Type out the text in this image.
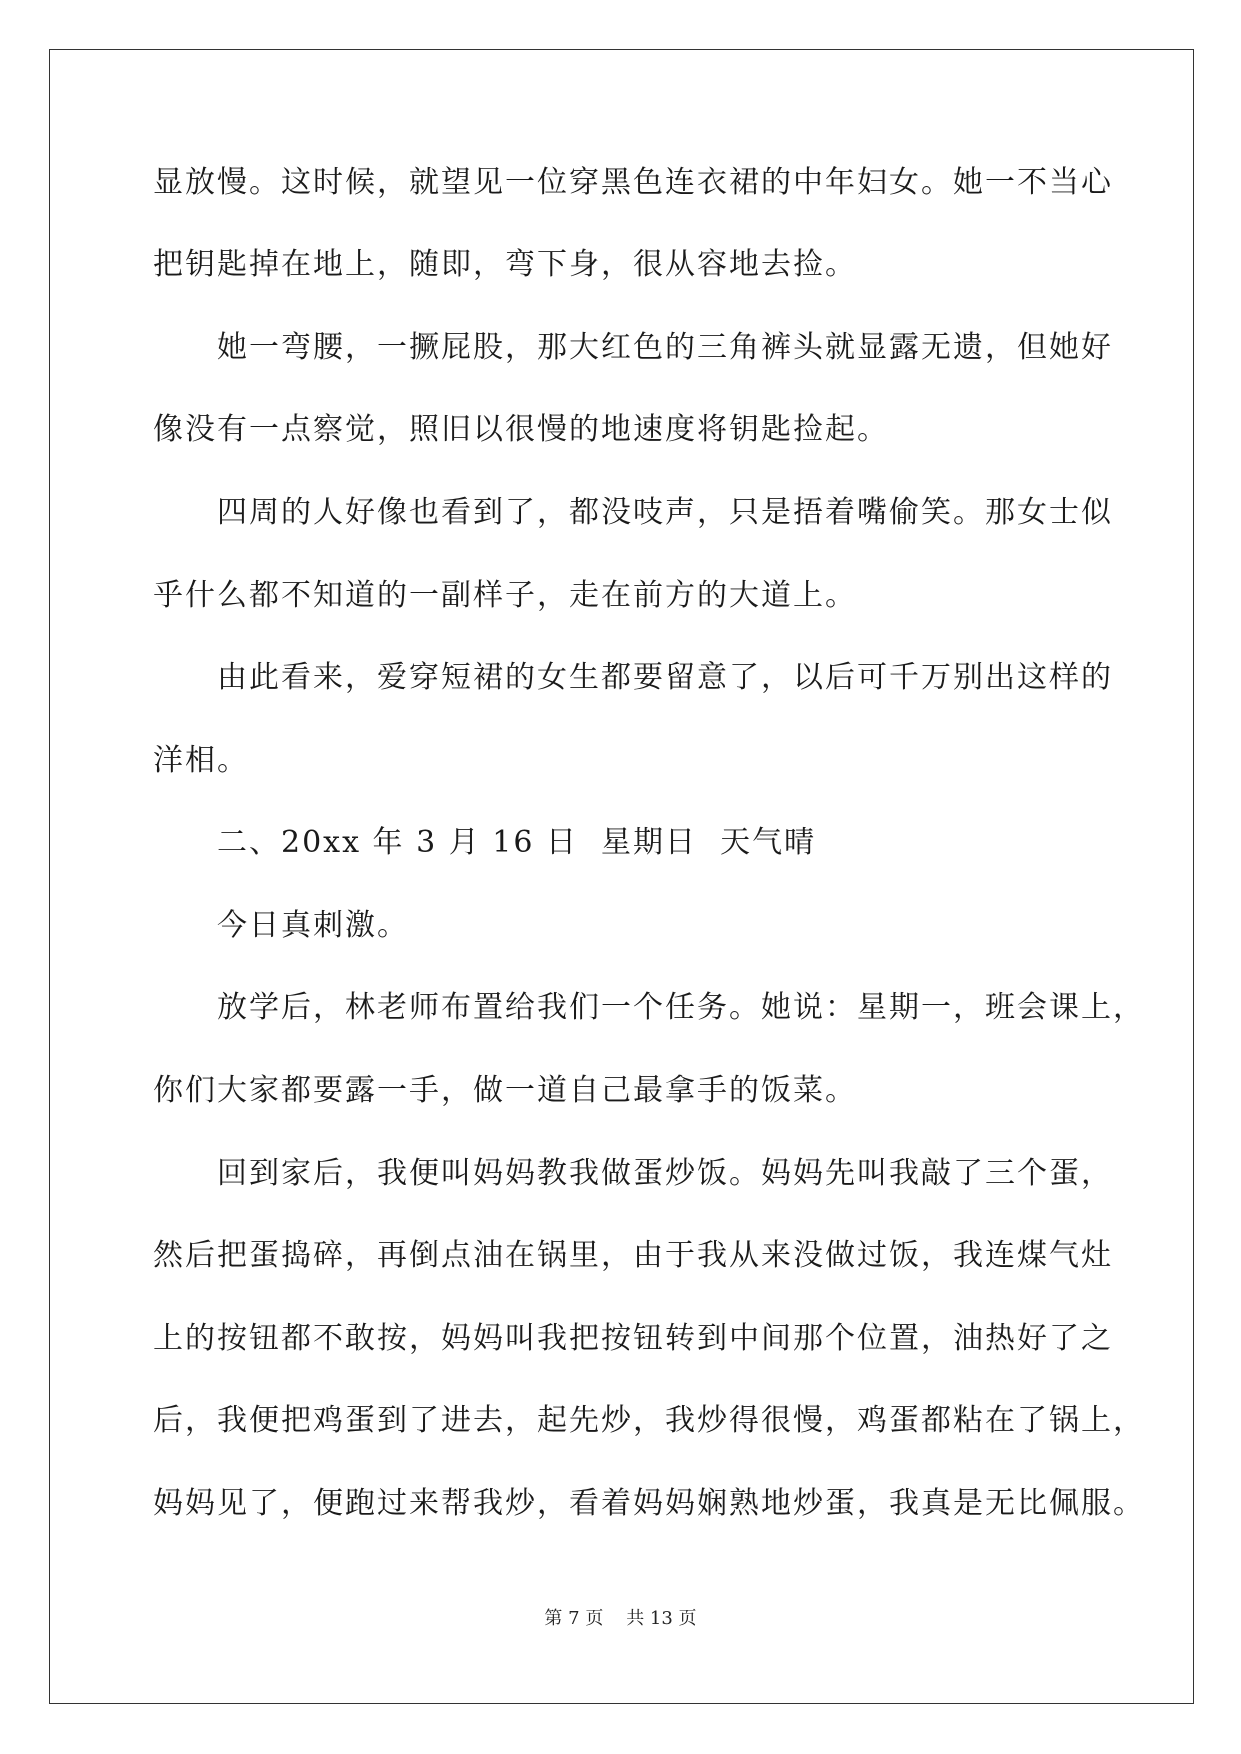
显放慢。这时候，就望见一位穿黑色连衣裙的中年妇女。她一不当心
把钥匙掉在地上，随即，弯下身，很从容地去捡。
她一弯腰，一撅屁股，那大红色的三角裤头就显露无遗，但她好
像没有一点察觉，照旧以很慢的地速度将钥匙捡起。
四周的人好像也看到了，都没吱声，只是捂着嘴偷笑。那女士似
乎什么都不知道的一副样子，走在前方的大道上。
由此看来，爱穿短裙的女生都要留意了，以后可千万别出这样的
洋相。
二、20xx 年 3 月 16 日  星期日  天气晴
今日真刺激。
放学后，林老师布置给我们一个任务。她说：星期一，班会课上，
你们大家都要露一手，做一道自己最拿手的饭菜。
回到家后，我便叫妈妈教我做蛋炒饭。妈妈先叫我敲了三个蛋，
然后把蛋捣碎，再倒点油在锅里，由于我从来没做过饭，我连煤气灶
上的按钮都不敢按，妈妈叫我把按钮转到中间那个位置，油热好了之
后，我便把鸡蛋到了进去，起先炒，我炒得很慢，鸡蛋都粘在了锅上，
妈妈见了，便跑过来帮我炒，看着妈妈娴熟地炒蛋，我真是无比佩服。
第 7 页    共 13 页
